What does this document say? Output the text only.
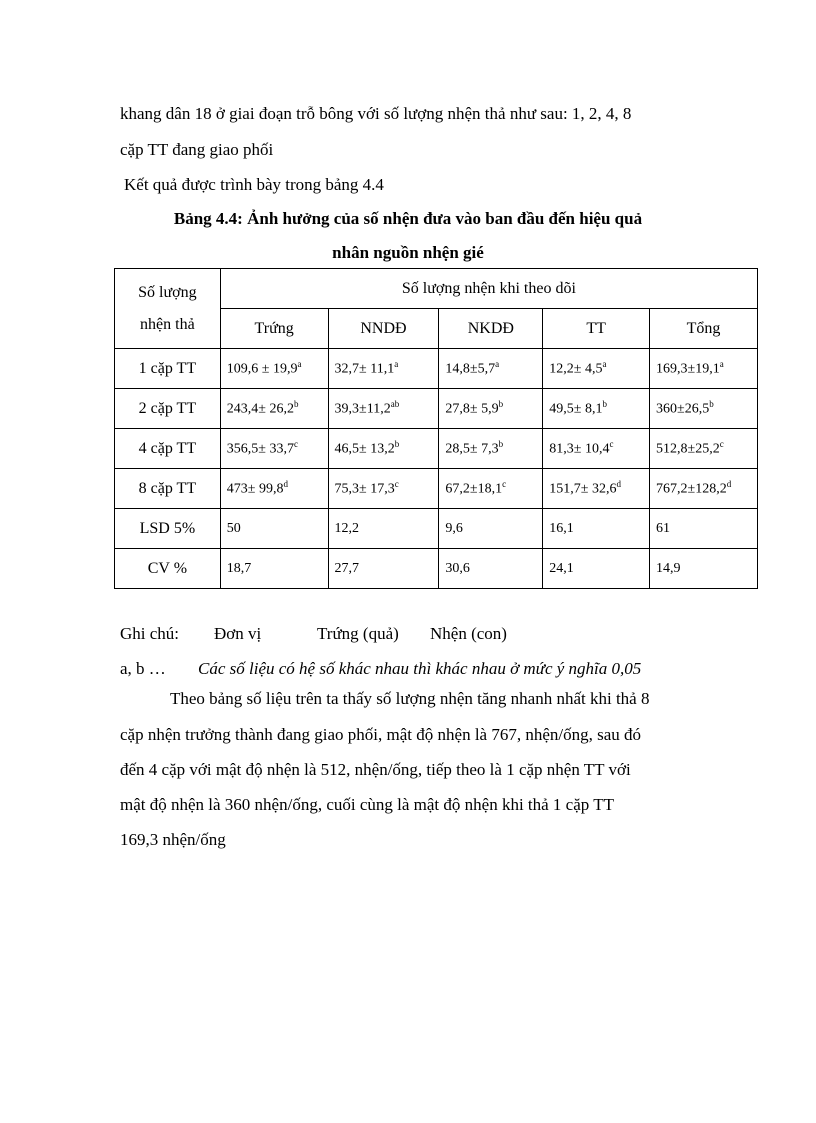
khang dân 18 ở giai đoạn trỗ bông với số lượng nhện thả như sau: 1, 2, 4, 8
cặp TT đang giao phối
Kết quả được trình bày trong bảng 4.4
Bảng 4.4: Ảnh hưởng của số nhện đưa vào ban đầu đến hiệu quả
nhân nguồn nhện gié
Số lượng
nhện thả	Số lượng nhện khi theo dõi				
	Trứng	NNDĐ	NKDĐ	TT	Tổng
1 cặp TT	109,6 ± 19,9$^a$	32,7± 11,1$^a$	14,8±5,7$^a$	12,2± 4,5$^a$	169,3±19,1$^a$
2 cặp TT	243,4± 26,2$^b$	39,3±11,2$^{ab}$	27,8± 5,9$^b$	49,5± 8,1$^b$	360±26,5$^b$
4 cặp TT	356,5± 33,7$^c$	46,5± 13,2$^b$	28,5± 7,3$^b$	81,3± 10,4$^c$	512,8±25,2$^c$
8 cặp TT	473± 99,8$^d$	75,3± 17,3$^c$	67,2±18,1$^c$	151,7± 32,6$^d$	767,2±128,2$^d$
LSD 5%	50	12,2	9,6	16,1	61
CV %	18,7	27,7	30,6	24,1	14,9
Ghi chú: Đơn vị	Trứng (quả) Nhện (con)
a, b … Các số liệu có hệ số khác nhau thì khác nhau ở mức ý nghĩa 0,05
Theo bảng số liệu trên ta thấy số lượng nhện tăng nhanh nhất khi thả 8
cặp nhện trưởng thành đang giao phối, mật độ nhện là 767, nhện/ống, sau đó
đến 4 cặp với mật độ nhện là 512, nhện/ống, tiếp theo là 1 cặp nhện TT với
mật độ nhện là 360 nhện/ống, cuối cùng là mật độ nhện khi thả 1 cặp TT
169,3 nhện/ống
